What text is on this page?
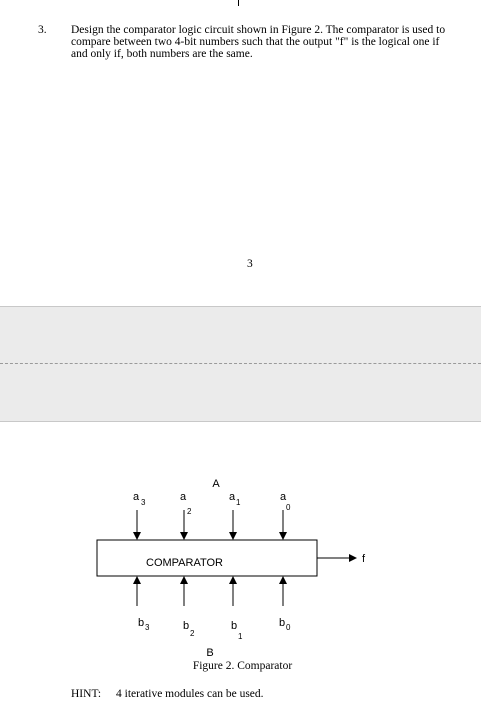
3. Design the comparator logic circuit shown in Figure 2. The comparator is used to compare between two 4-bit numbers such that the output "f" is the logical one if and only if, both numbers are the same.
3
A
a 3	a
2
a 1	a
0
COMPARATOR	f
b 3	b
2
b
1
b 0
B
Figure 2. Comparator
HINT: 4 iterative modules can be used.
